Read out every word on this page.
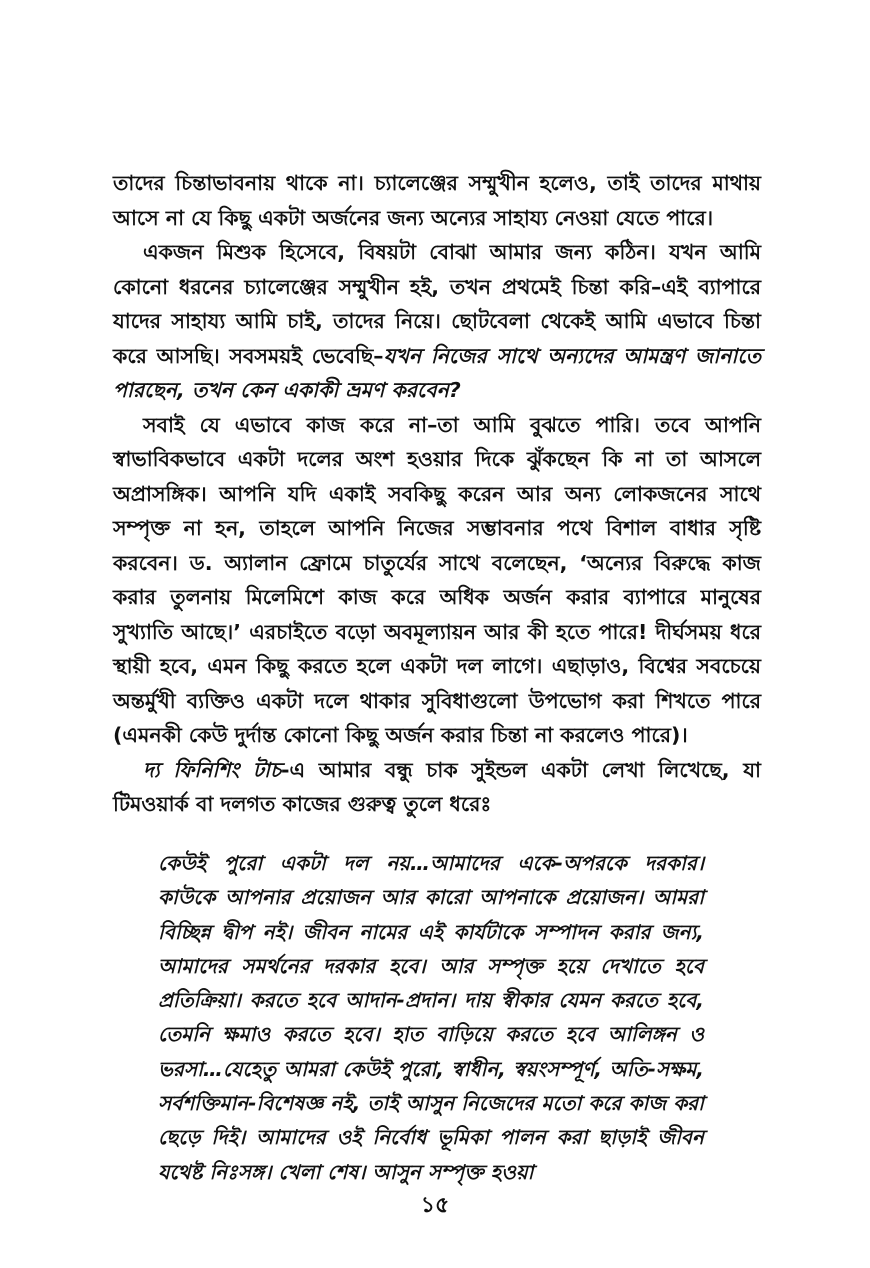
তাদের চিন্তাভাবনায় থাকে না। চ্যালেঞ্জের সম্মুখীন হলেও, তাই তাদের মাথায় আসে না যে কিছু একটা অর্জনের জন্য অন্যের সাহায্য নেওয়া যেতে পারে।

একজন মিশুক হিসেবে, বিষয়টা বোঝা আমার জন্য কঠিন। যখন আমি কোনো ধরনের চ্যালেঞ্জের সম্মুখীন হই, তখন প্রথমেই চিন্তা করি–এই ব্যাপারে যাদের সাহায্য আমি চাই, তাদের নিয়ে। ছোটবেলা থেকেই আমি এভাবে চিন্তা করে আসছি। সবসময়ই ভেবেছি–যখন নিজের সাথে অন্যদের আমন্ত্রণ জানাতে পারছেন, তখন কেন একাকী ভ্রমণ করবেন?

সবাই যে এভাবে কাজ করে না–তা আমি বুঝতে পারি। তবে আপনি স্বাভাবিকভাবে একটা দলের অংশ হওয়ার দিকে ঝুঁকছেন কি না তা আসলে অপ্রাসঙ্গিক। আপনি যদি একাই সবকিছু করেন আর অন্য লোকজনের সাথে সম্পৃক্ত না হন, তাহলে আপনি নিজের সম্ভাবনার পথে বিশাল বাধার সৃষ্টি করবেন। ড. অ্যালান ফ্রোমে চাতুর্যের সাথে বলেছেন, ‘অন্যের বিরুদ্ধে কাজ করার তুলনায় মিলেমিশে কাজ করে অধিক অর্জন করার ব্যাপারে মানুষের সুখ্যাতি আছে।’ এরচাইতে বড়ো অবমূল্যায়ন আর কী হতে পারে! দীর্ঘসময় ধরে স্থায়ী হবে, এমন কিছু করতে হলে একটা দল লাগে। এছাড়াও, বিশ্বের সবচেয়ে অন্তর্মুখী ব্যক্তিও একটা দলে থাকার সুবিধাগুলো উপভোগ করা শিখতে পারে (এমনকী কেউ দুর্দান্ত কোনো কিছু অর্জন করার চিন্তা না করলেও পারে)।

দ্য ফিনিশিং টাচ-এ আমার বন্ধু চাক সুইন্ডল একটা লেখা লিখেছে, যা টিমওয়ার্ক বা দলগত কাজের গুরুত্ব তুলে ধরেঃ

কেউই পুরো একটা দল নয়…আমাদের একে-অপরকে দরকার। কাউকে আপনার প্রয়োজন আর কারো আপনাকে প্রয়োজন। আমরা বিচ্ছিন্ন দ্বীপ নই। জীবন নামের এই কার্যটাকে সম্পাদন করার জন্য, আমাদের সমর্থনের দরকার হবে। আর সম্পৃক্ত হয়ে দেখাতে হবে প্রতিক্রিয়া। করতে হবে আদান-প্রদান। দায় স্বীকার যেমন করতে হবে, তেমনি ক্ষমাও করতে হবে। হাত বাড়িয়ে করতে হবে আলিঙ্গন ও ভরসা…যেহেতু আমরা কেউই পুরো, স্বাধীন, স্বয়ংসম্পূর্ণ, অতি-সক্ষম, সর্বশক্তিমান-বিশেষজ্ঞ নই, তাই আসুন নিজেদের মতো করে কাজ করা ছেড়ে দিই। আমাদের ওই নির্বোধ ভূমিকা পালন করা ছাড়াই জীবন যথেষ্ট নিঃসঙ্গ। খেলা শেষ। আসুন সম্পৃক্ত হওয়া

১৫
